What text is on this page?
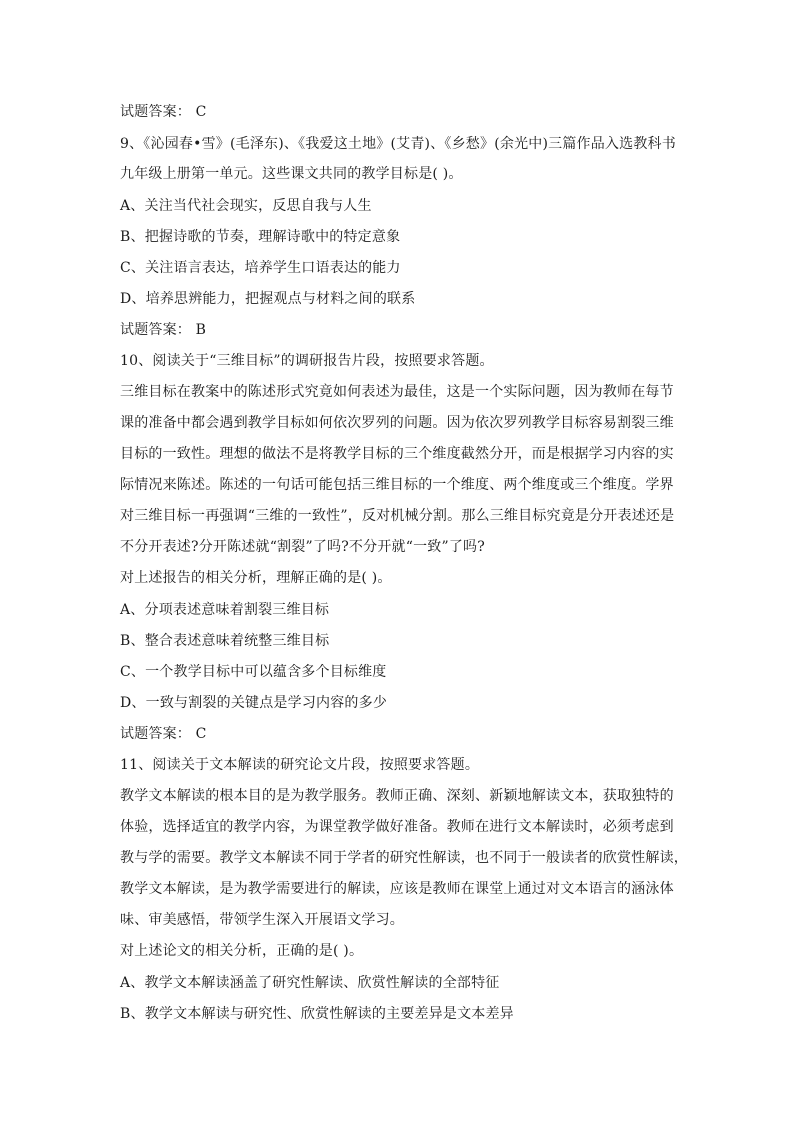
试题答案： C
9、《沁园春•雪》(毛泽东)、《我爱这土地》(艾青)、《乡愁》(余光中)三篇作品入选教科书
九年级上册第一单元。这些课文共同的教学目标是( )。
A、关注当代社会现实，反思自我与人生
B、把握诗歌的节奏，理解诗歌中的特定意象
C、关注语言表达，培养学生口语表达的能力
D、培养思辨能力，把握观点与材料之间的联系
试题答案： B
10、阅读关于“三维目标”的调研报告片段，按照要求答题。
三维目标在教案中的陈述形式究竟如何表述为最佳，这是一个实际问题，因为教师在每节
课的准备中都会遇到教学目标如何依次罗列的问题。因为依次罗列教学目标容易割裂三维
目标的一致性。理想的做法不是将教学目标的三个维度截然分开，而是根据学习内容的实
际情况来陈述。陈述的一句话可能包括三维目标的一个维度、两个维度或三个维度。学界
对三维目标一再强调“三维的一致性”，反对机械分割。那么三维目标究竟是分开表述还是
不分开表述?分开陈述就“割裂”了吗?不分开就“一致”了吗?
对上述报告的相关分析，理解正确的是( )。
A、分项表述意味着割裂三维目标
B、整合表述意味着统整三维目标
C、一个教学目标中可以蕴含多个目标维度
D、一致与割裂的关键点是学习内容的多少
试题答案： C
11、阅读关于文本解读的研究论文片段，按照要求答题。
教学文本解读的根本目的是为教学服务。教师正确、深刻、新颖地解读文本，获取独特的
体验，选择适宜的教学内容，为课堂教学做好准备。教师在进行文本解读时，必须考虑到
教与学的需要。教学文本解读不同于学者的研究性解读，也不同于一般读者的欣赏性解读，
教学文本解读，是为教学需要进行的解读，应该是教师在课堂上通过对文本语言的涵泳体
味、审美感悟，带领学生深入开展语文学习。
对上述论文的相关分析，正确的是( )。
A、教学文本解读涵盖了研究性解读、欣赏性解读的全部特征
B、教学文本解读与研究性、欣赏性解读的主要差异是文本差异
